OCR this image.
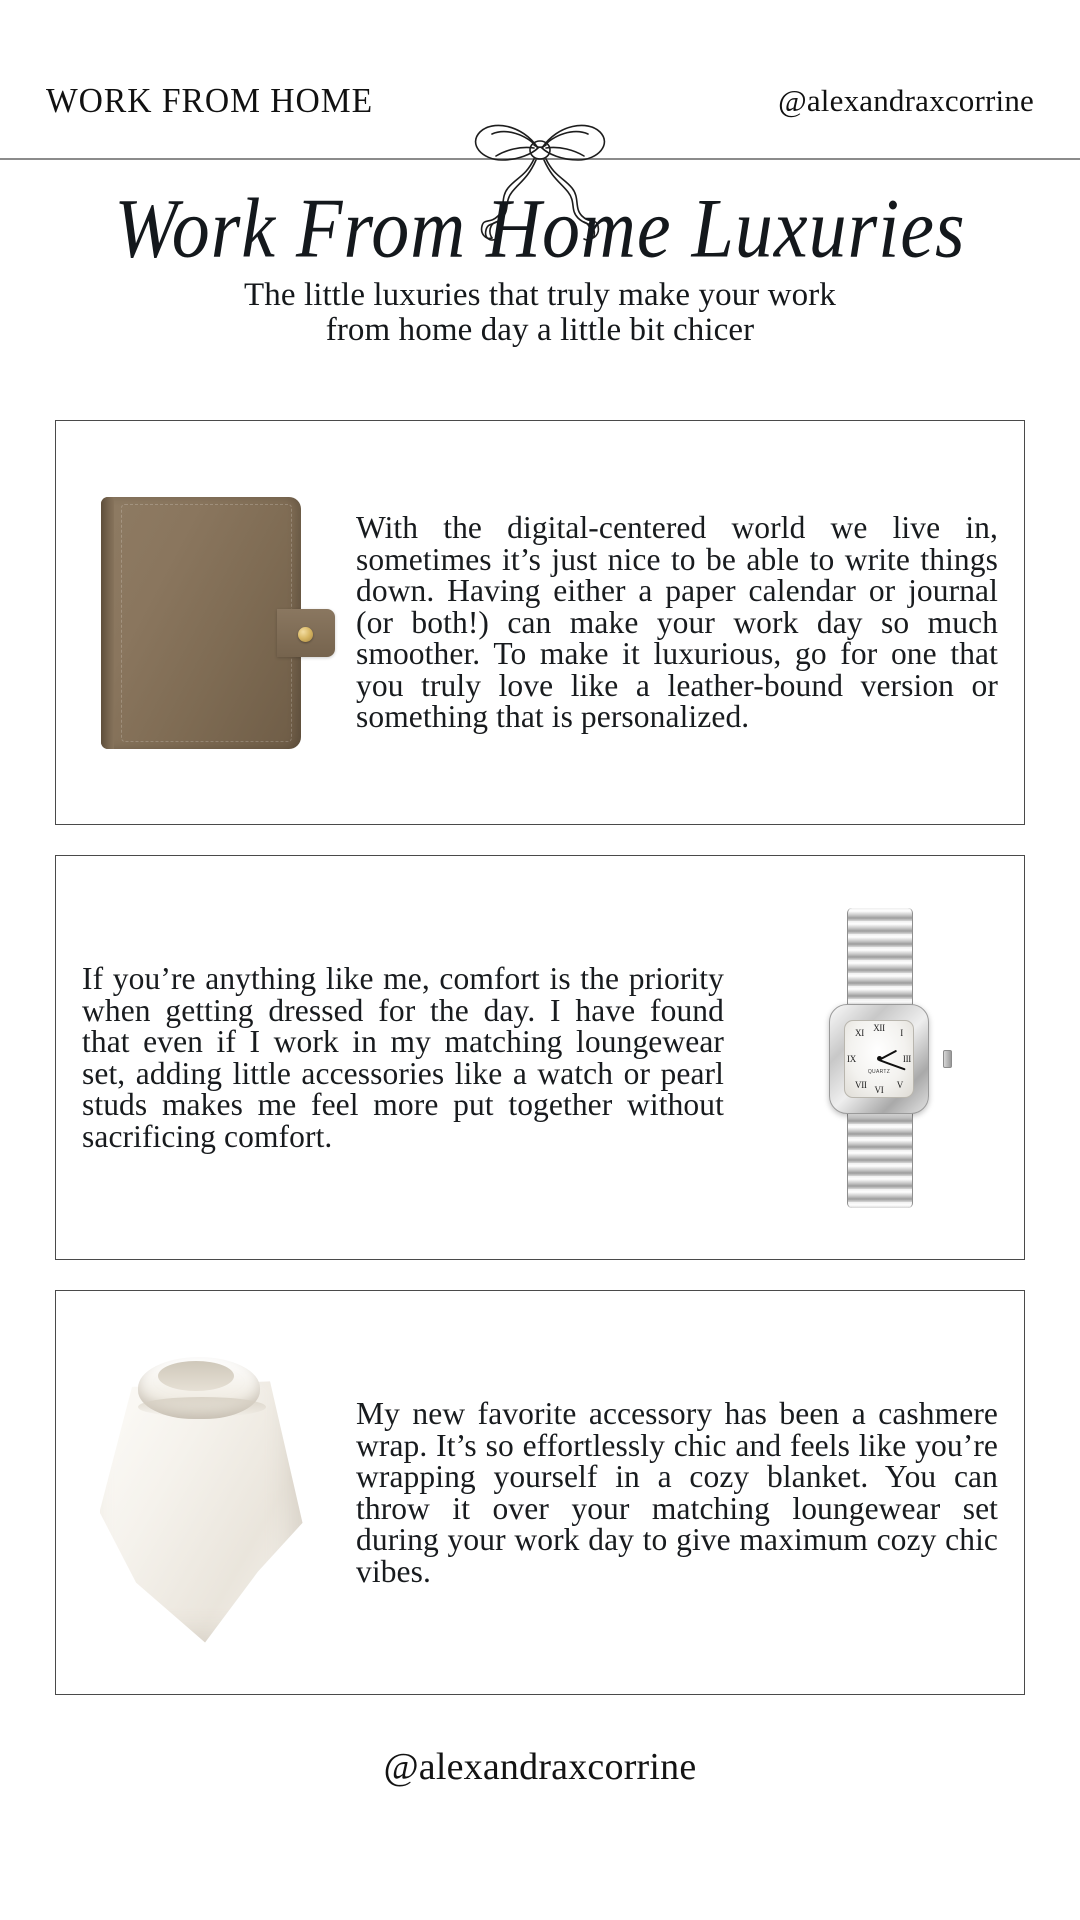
WORK FROM HOME	@alexandraxcorrine
Work From Home Luxuries

The little luxuries that truly make your work from home day a little bit chicer

With the digital-centered world we live in, sometimes it’s just nice to be able to write things down. Having either a paper calendar or journal (or both!) can make your work day so much smoother. To make it luxurious, go for one that you truly love like a leather-bound version or something that is personalized.

If you’re anything like me, comfort is the priority when getting dressed for the day. I have found that even if I work in my matching loungewear set, adding little accessories like a watch or pearl studs makes me feel more put together without sacrificing comfort.

XII I
III
V
VI
VII
IX
XI
QUARTZ

My new favorite accessory has been a cashmere wrap. It’s so effortlessly chic and feels like you’re wrapping yourself in a cozy blanket. You can throw it over your matching loungewear set during your work day to give maximum cozy chic vibes.

@alexandraxcorrine
